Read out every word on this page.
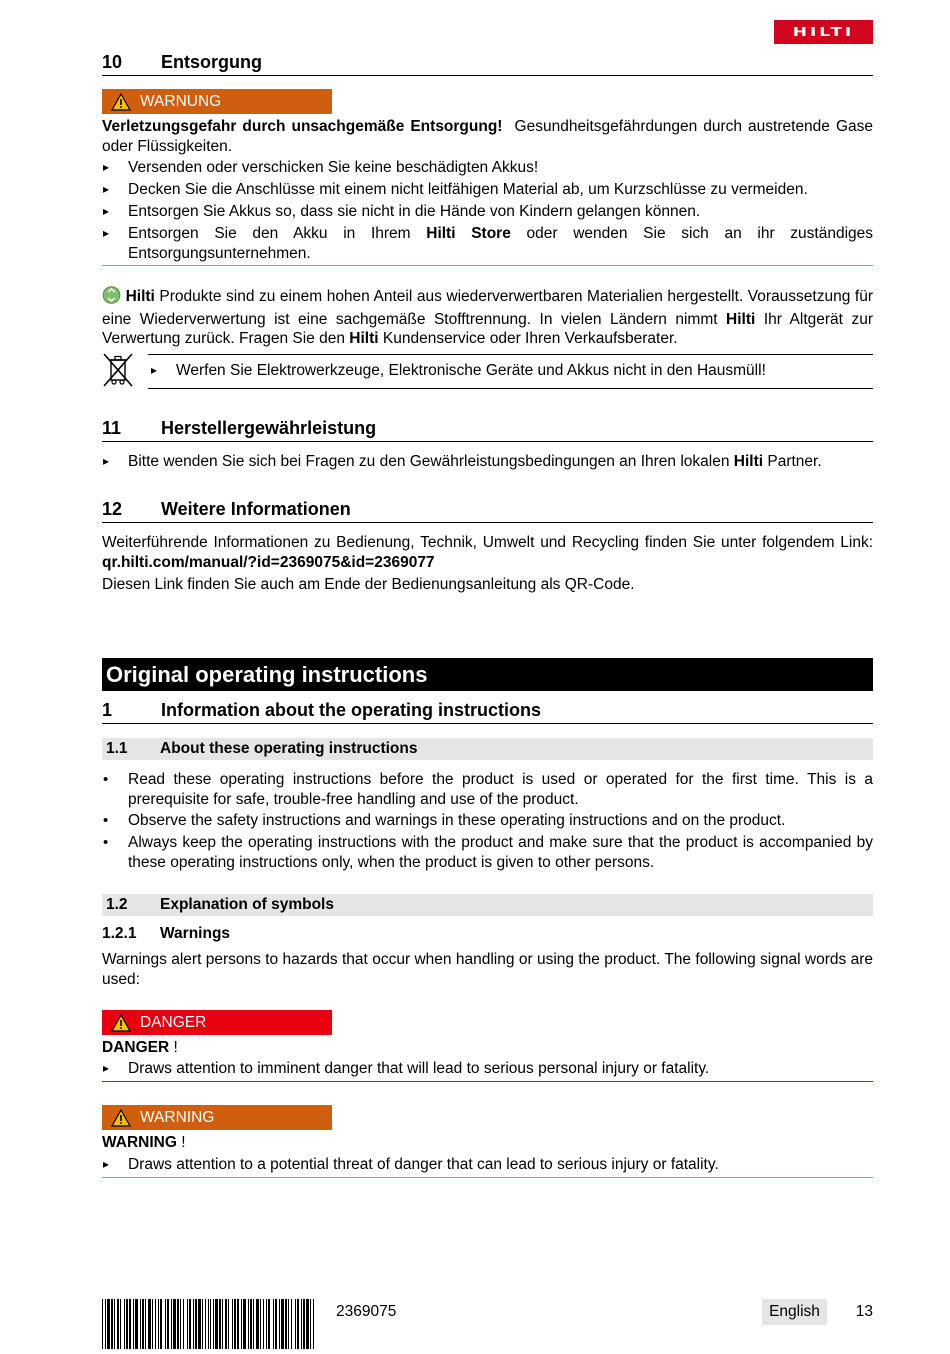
HILTI
10 Entsorgung
WARNUNG
Verletzungsgefahr durch unsachgemäße Entsorgung! Gesundheitsgefährdungen durch austretende Gase oder Flüssigkeiten.
▸ Versenden oder verschicken Sie keine beschädigten Akkus!
▸ Decken Sie die Anschlüsse mit einem nicht leitfähigen Material ab, um Kurzschlüsse zu vermeiden.
▸ Entsorgen Sie Akkus so, dass sie nicht in die Hände von Kindern gelangen können.
▸ Entsorgen Sie den Akku in Ihrem Hilti Store oder wenden Sie sich an ihr zuständiges Entsorgungsunternehmen.
Hilti Produkte sind zu einem hohen Anteil aus wiederverwertbaren Materialien hergestellt. Voraussetzung für eine Wiederverwertung ist eine sachgemäße Stofftrennung. In vielen Ländern nimmt Hilti Ihr Altgerät zur Verwertung zurück. Fragen Sie den Hilti Kundenservice oder Ihren Verkaufsberater.
▸ Werfen Sie Elektrowerkzeuge, Elektronische Geräte und Akkus nicht in den Hausmüll!
11 Herstellergewährleistung
▸ Bitte wenden Sie sich bei Fragen zu den Gewährleistungsbedingungen an Ihren lokalen Hilti Partner.
12 Weitere Informationen
Weiterführende Informationen zu Bedienung, Technik, Umwelt und Recycling finden Sie unter folgendem Link: qr.hilti.com/manual/?id=2369075&id=2369077
Diesen Link finden Sie auch am Ende der Bedienungsanleitung als QR-Code.
Original operating instructions
1	Information about the operating instructions
1.1	About these operating instructions
• Read these operating instructions before the product is used or operated for the first time. This is a prerequisite for safe, trouble-free handling and use of the product.
• Observe the safety instructions and warnings in these operating instructions and on the product.
• Always keep the operating instructions with the product and make sure that the product is accompanied by these operating instructions only, when the product is given to other persons.
1.2	Explanation of symbols
1.2.1 Warnings
Warnings alert persons to hazards that occur when handling or using the product. The following signal words are used:
DANGER
DANGER !
▸ Draws attention to imminent danger that will lead to serious personal injury or fatality.
WARNING
WARNING !
▸ Draws attention to a potential threat of danger that can lead to serious injury or fatality.
2369075	English	13
